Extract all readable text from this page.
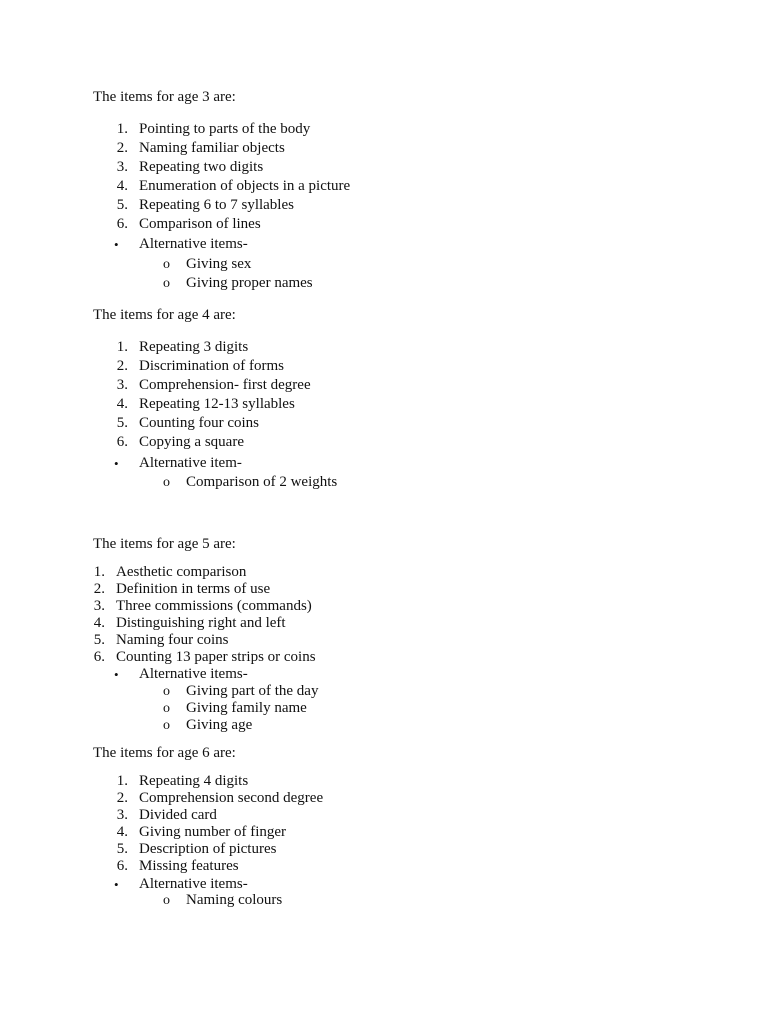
The items for age 3 are:
1. Pointing to parts of the body
2. Naming familiar objects
3. Repeating two digits
4. Enumeration of objects in a picture
5. Repeating 6 to 7 syllables
6. Comparison of lines
• Alternative items-
o Giving sex
o Giving proper names
The items for age 4 are:
1. Repeating 3 digits
2. Discrimination of forms
3. Comprehension- first degree
4. Repeating 12-13 syllables
5. Counting four coins
6. Copying a square
• Alternative item-
o Comparison of 2 weights
The items for age 5 are:
1. Aesthetic comparison
2. Definition in terms of use
3. Three commissions (commands)
4. Distinguishing right and left
5. Naming four coins
6. Counting 13 paper strips or coins
• Alternative items-
o Giving part of the day
o Giving family name
o Giving age
The items for age 6 are:
1. Repeating 4 digits
2. Comprehension second degree
3. Divided card
4. Giving number of finger
5. Description of pictures
6. Missing features
• Alternative items-
o Naming colours
